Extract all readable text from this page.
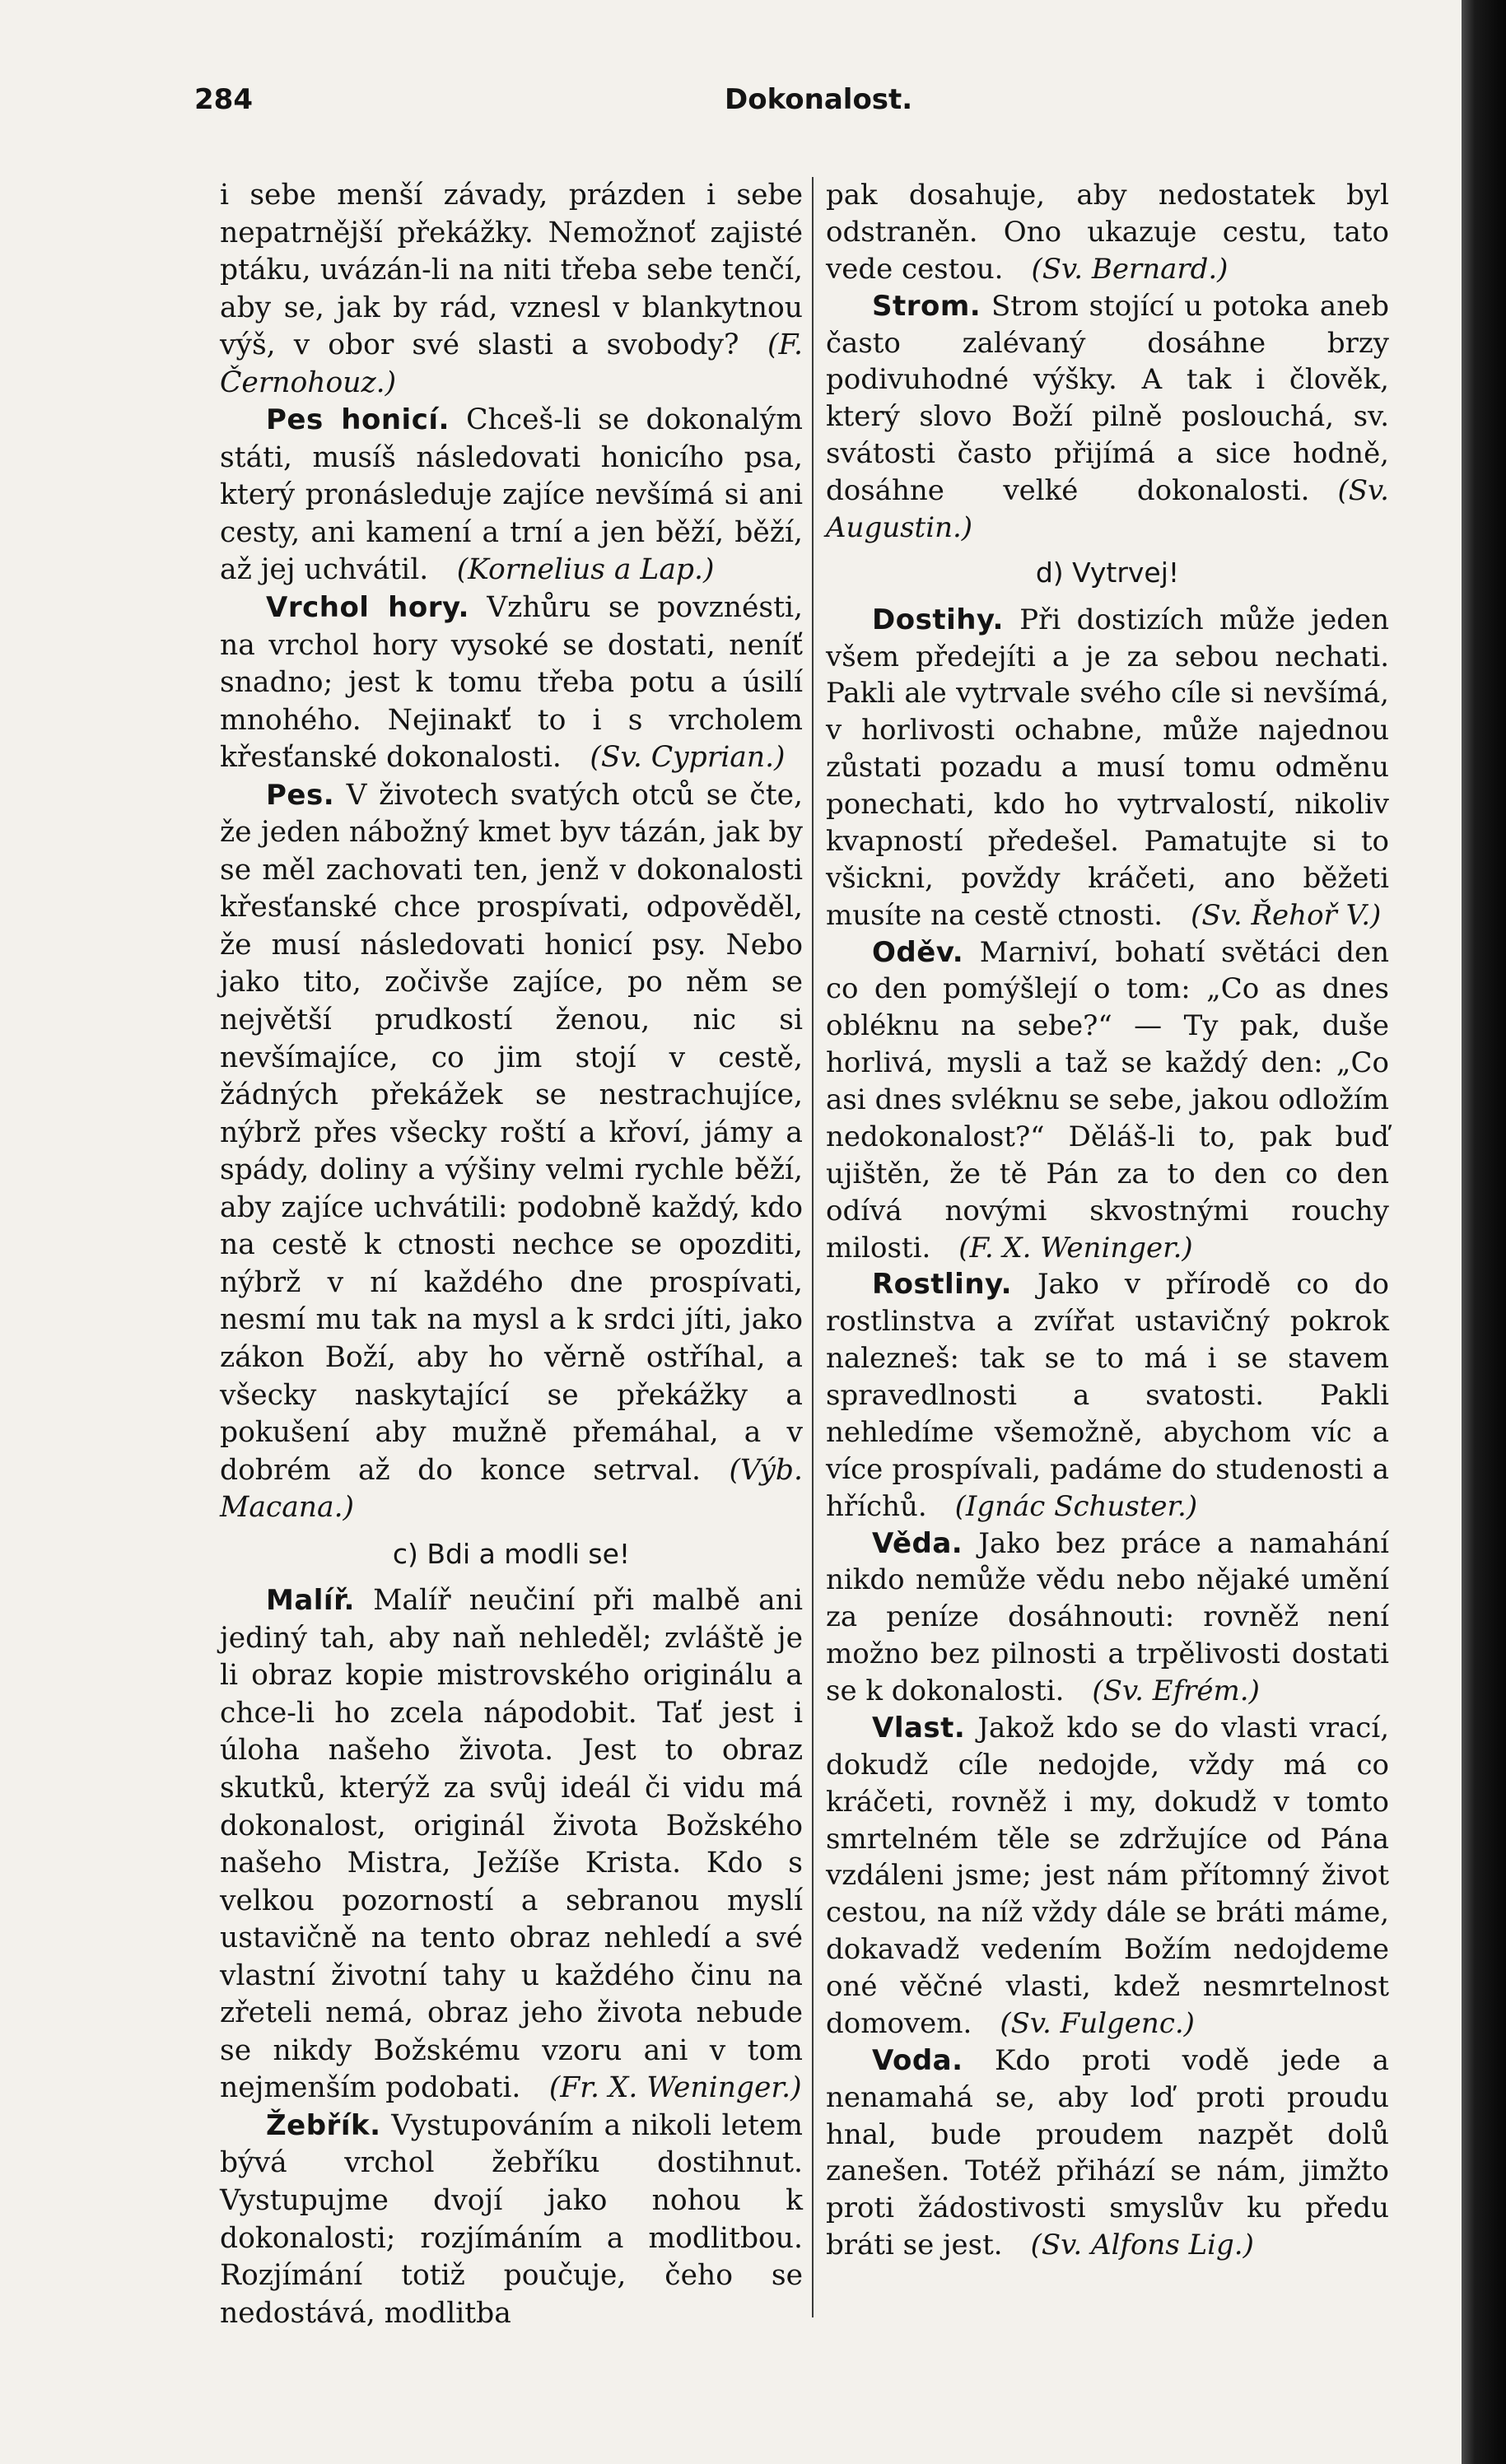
284	Dokonalost.

i sebe menší závady, prázden i sebe nepatrnější překážky. Nemožnoť zajisté ptáku, uvázán-li na niti třeba sebe tenčí, aby se, jak by rád, vznesl v blankytnou výš, v obor své slasti a svobody?  (F. Černohouz.)

Pes honicí. Chceš-li se dokonalým státi, musíš následovati honicího psa, který pronásleduje zajíce nevšímá si ani cesty, ani kamení a trní a jen běží, běží, až jej uchvátil.  (Kornelius a Lap.)

Vrchol hory. Vzhůru se povznésti, na vrchol hory vysoké se dostati, neníť snadno; jest k tomu třeba potu a úsilí mnohého. Nejinakť to i s vrcholem křesťanské dokonalosti.  (Sv. Cyprian.)

Pes. V životech svatých otců se čte, že jeden nábožný kmet byv tázán, jak by se měl zachovati ten, jenž v dokonalosti křesťanské chce prospívati, odpověděl, že musí následovati honicí psy. Nebo jako tito, zočivše zajíce, po něm se největší prudkostí ženou, nic si nevšímajíce, co jim stojí v cestě, žádných překážek se nestrachujíce, nýbrž přes všecky roští a křoví, jámy a spády, doliny a výšiny velmi rychle běží, aby zajíce uchvátili: podobně každý, kdo na cestě k ctnosti nechce se opozditi, nýbrž v ní každého dne prospívati, nesmí mu tak na mysl a k srdci jíti, jako zákon Boží, aby ho věrně ostříhal, a všecky naskytající se překážky a pokušení aby mužně přemáhal, a v dobrém až do konce setrval.  (Výb. Macana.)

c) Bdi a modli se!

Malíř. Malíř neučiní při malbě ani jediný tah, aby naň nehleděl; zvláště je li obraz kopie mistrovského originálu a chce-li ho zcela nápodobit. Tať jest i úloha našeho života. Jest to obraz skutků, kterýž za svůj ideál či vidu má dokonalost, originál života Božského našeho Mistra, Ježíše Krista. Kdo s velkou pozorností a sebranou myslí ustavičně na tento obraz nehledí a své vlastní životní tahy u každého činu na zřeteli nemá, obraz jeho života nebude se nikdy Božskému vzoru ani v tom nejmenším podobati.  (Fr. X. Weninger.)

Žebřík. Vystupováním a nikoli letem bývá vrchol žebříku dostihnut. Vystupujme dvojí jako nohou k dokonalosti; rozjímáním a modlitbou. Rozjímání totiž poučuje, čeho se nedostává, modlitba

pak dosahuje, aby nedostatek byl odstraněn. Ono ukazuje cestu, tato vede cestou.  (Sv. Bernard.)

Strom. Strom stojící u potoka aneb často zalévaný dosáhne brzy podivuhodné výšky. A tak i člověk, který slovo Boží pilně poslouchá, sv. svátosti často přijímá a sice hodně, dosáhne velké dokonalosti.  (Sv. Augustin.)

d) Vytrvej!

Dostihy. Při dostizích může jeden všem předejíti a je za sebou nechati. Pakli ale vytrvale svého cíle si nevšímá, v horlivosti ochabne, může najednou zůstati pozadu a musí tomu odměnu ponechati, kdo ho vytrvalostí, nikoliv kvapností předešel. Pamatujte si to všickni, povždy kráčeti, ano běžeti musíte na cestě ctnosti.  (Sv. Řehoř V.)

Oděv. Marniví, bohatí světáci den co den pomýšlejí o tom: „Co as dnes obléknu na sebe?“ — Ty pak, duše horlivá, mysli a taž se každý den: „Co asi dnes svléknu se sebe, jakou odložím nedokonalost?“ Děláš-li to, pak buď ujištěn, že tě Pán za to den co den odívá novými skvostnými rouchy milosti.  (F. X. Weninger.)

Rostliny. Jako v přírodě co do rostlinstva a zvířat ustavičný pokrok nalezneš: tak se to má i se stavem spravedlnosti a svatosti. Pakli nehledíme všemožně, abychom víc a více prospívali, padáme do studenosti a hříchů.  (Ignác Schuster.)

Věda. Jako bez práce a namahání nikdo nemůže vědu nebo nějaké umění za peníze dosáhnouti: rovněž není možno bez pilnosti a trpělivosti dostati se k dokonalosti.  (Sv. Efrém.)

Vlast. Jakož kdo se do vlasti vrací, dokudž cíle nedojde, vždy má co kráčeti, rovněž i my, dokudž v tomto smrtelném těle se zdržujíce od Pána vzdáleni jsme; jest nám přítomný život cestou, na níž vždy dále se bráti máme, dokavadž vedením Božím nedojdeme oné věčné vlasti, kdež nesmrtelnost domovem.  (Sv. Fulgenc.)

Voda. Kdo proti vodě jede a nenamahá se, aby loď proti proudu hnal, bude proudem nazpět dolů zanešen. Totéž přihází se nám, jimžto proti žádostivosti smyslův ku předu bráti se jest.  (Sv. Alfons Lig.)
